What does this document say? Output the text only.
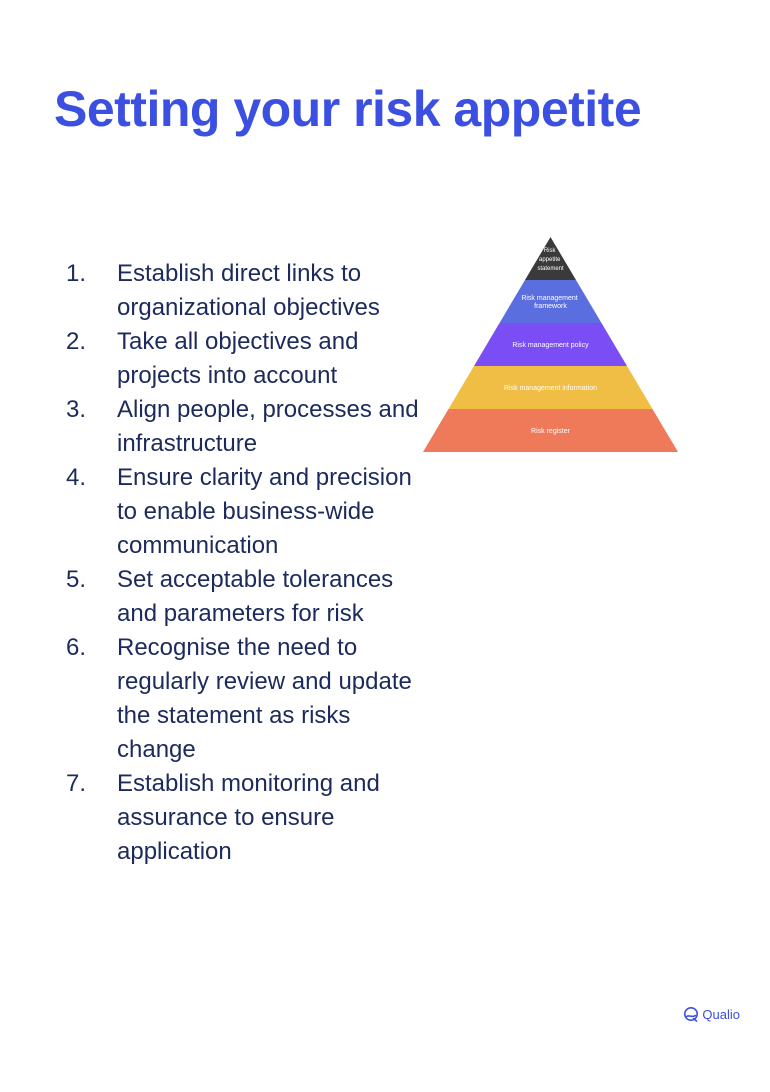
Setting your risk appetite
1. Establish direct links to organizational objectives
2. Take all objectives and projects into account
3. Align people, processes and infrastructure
4. Ensure clarity and precision to enable business-wide communication
5. Set acceptable tolerances and parameters for risk
6. Recognise the need to regularly review and update the statement as risks change
7. Establish monitoring and assurance to ensure application
Risk appetite statement
Risk management framework
Risk management policy
Risk management information
Risk register
Qualio
